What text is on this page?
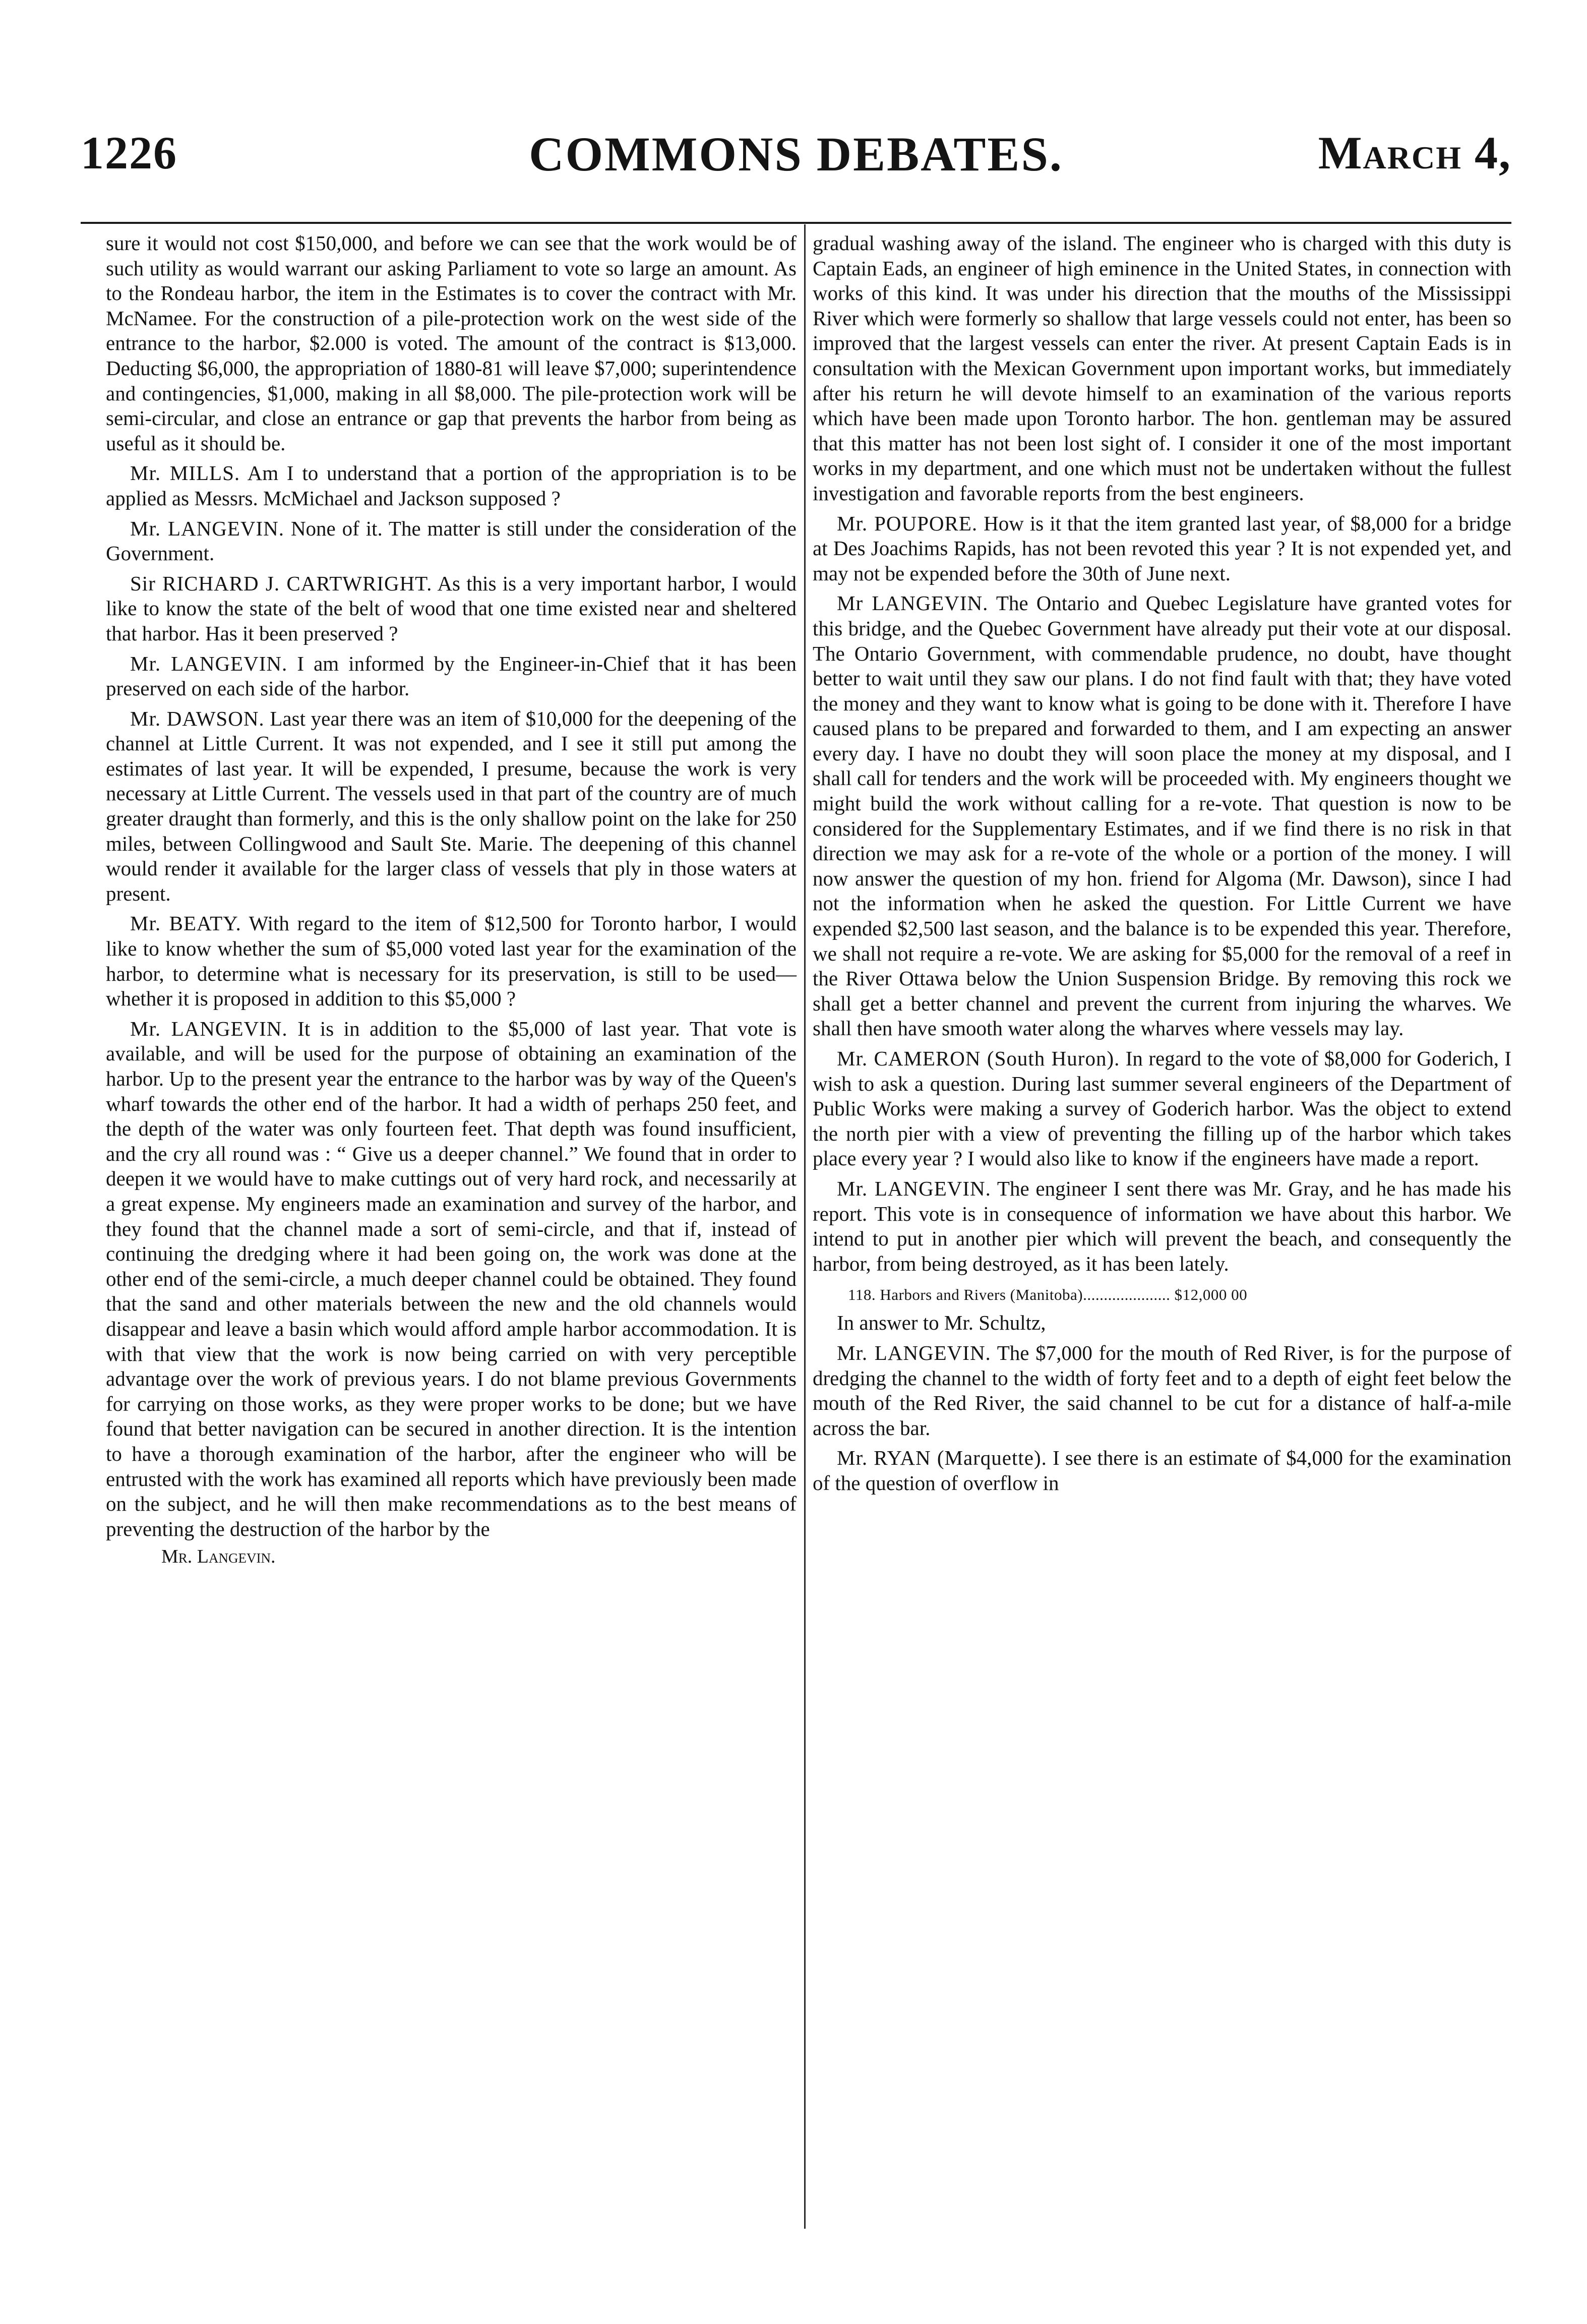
1226	COMMONS DEBATES.	March 4,

sure it would not cost $150,000, and before we can see that the work would be of such utility as would warrant our asking Parliament to vote so large an amount. As to the Rondeau harbor, the item in the Estimates is to cover the contract with Mr. McNamee. For the construction of a pile-protection work on the west side of the entrance to the harbor, $2.000 is voted. The amount of the contract is $13,000. Deducting $6,000, the appropriation of 1880-81 will leave $7,000; superintendence and contingencies, $1,000, making in all $8,000. The pile-protection work will be semi-circular, and close an entrance or gap that prevents the harbor from being as useful as it should be.

Mr. MILLS. Am I to understand that a portion of the appropriation is to be applied as Messrs. McMichael and Jackson supposed ?

Mr. LANGEVIN. None of it. The matter is still under the consideration of the Government.

Sir RICHARD J. CARTWRIGHT. As this is a very important harbor, I would like to know the state of the belt of wood that one time existed near and sheltered that harbor. Has it been preserved ?

Mr. LANGEVIN. I am informed by the Engineer-in-Chief that it has been preserved on each side of the harbor.

Mr. DAWSON. Last year there was an item of $10,000 for the deepening of the channel at Little Current. It was not expended, and I see it still put among the estimates of last year. It will be expended, I presume, because the work is very necessary at Little Current. The vessels used in that part of the country are of much greater draught than formerly, and this is the only shallow point on the lake for 250 miles, between Collingwood and Sault Ste. Marie. The deepening of this channel would render it available for the larger class of vessels that ply in those waters at present.

Mr. BEATY. With regard to the item of $12,500 for Toronto harbor, I would like to know whether the sum of $5,000 voted last year for the examination of the harbor, to determine what is necessary for its preservation, is still to be used—whether it is proposed in addition to this $5,000 ?

Mr. LANGEVIN. It is in addition to the $5,000 of last year. That vote is available, and will be used for the purpose of obtaining an examination of the harbor. Up to the present year the entrance to the harbor was by way of the Queen's wharf towards the other end of the harbor. It had a width of perhaps 250 feet, and the depth of the water was only fourteen feet. That depth was found insufficient, and the cry all round was : “ Give us a deeper channel.” We found that in order to deepen it we would have to make cuttings out of very hard rock, and necessarily at a great expense. My engineers made an examination and survey of the harbor, and they found that the channel made a sort of semi-circle, and that if, instead of continuing the dredging where it had been going on, the work was done at the other end of the semi-circle, a much deeper channel could be obtained. They found that the sand and other materials between the new and the old channels would disappear and leave a basin which would afford ample harbor accommodation. It is with that view that the work is now being carried on with very perceptible advantage over the work of previous years. I do not blame previous Governments for carrying on those works, as they were proper works to be done; but we have found that better navigation can be secured in another direction. It is the intention to have a thorough examination of the harbor, after the engineer who will be entrusted with the work has examined all reports which have previously been made on the subject, and he will then make recommendations as to the best means of preventing the destruction of the harbor by the

Mr. Langevin.

gradual washing away of the island. The engineer who is charged with this duty is Captain Eads, an engineer of high eminence in the United States, in connection with works of this kind. It was under his direction that the mouths of the Mississippi River which were formerly so shallow that large vessels could not enter, has been so improved that the largest vessels can enter the river. At present Captain Eads is in consultation with the Mexican Government upon important works, but immediately after his return he will devote himself to an examination of the various reports which have been made upon Toronto harbor. The hon. gentleman may be assured that this matter has not been lost sight of. I consider it one of the most important works in my department, and one which must not be undertaken without the fullest investigation and favorable reports from the best engineers.

Mr. POUPORE. How is it that the item granted last year, of $8,000 for a bridge at Des Joachims Rapids, has not been revoted this year ? It is not expended yet, and may not be expended before the 30th of June next.

Mr LANGEVIN. The Ontario and Quebec Legislature have granted votes for this bridge, and the Quebec Government have already put their vote at our disposal. The Ontario Government, with commendable prudence, no doubt, have thought better to wait until they saw our plans. I do not find fault with that; they have voted the money and they want to know what is going to be done with it. Therefore I have caused plans to be prepared and forwarded to them, and I am expecting an answer every day. I have no doubt they will soon place the money at my disposal, and I shall call for tenders and the work will be proceeded with. My engineers thought we might build the work without calling for a re-vote. That question is now to be considered for the Supplementary Estimates, and if we find there is no risk in that direction we may ask for a re-vote of the whole or a portion of the money. I will now answer the question of my hon. friend for Algoma (Mr. Dawson), since I had not the information when he asked the question. For Little Current we have expended $2,500 last season, and the balance is to be expended this year. Therefore, we shall not require a re-vote. We are asking for $5,000 for the removal of a reef in the River Ottawa below the Union Suspension Bridge. By removing this rock we shall get a better channel and prevent the current from injuring the wharves. We shall then have smooth water along the wharves where vessels may lay.

Mr. CAMERON (South Huron). In regard to the vote of $8,000 for Goderich, I wish to ask a question. During last summer several engineers of the Department of Public Works were making a survey of Goderich harbor. Was the object to extend the north pier with a view of preventing the filling up of the harbor which takes place every year ? I would also like to know if the engineers have made a report.

Mr. LANGEVIN. The engineer I sent there was Mr. Gray, and he has made his report. This vote is in consequence of information we have about this harbor. We intend to put in another pier which will prevent the beach, and consequently the harbor, from being destroyed, as it has been lately.

118. Harbors and Rivers (Manitoba)..................... $12,000 00

In answer to Mr. Schultz,

Mr. LANGEVIN. The $7,000 for the mouth of Red River, is for the purpose of dredging the channel to the width of forty feet and to a depth of eight feet below the mouth of the Red River, the said channel to be cut for a distance of half-a-mile across the bar.

Mr. RYAN (Marquette). I see there is an estimate of $4,000 for the examination of the question of overflow in
